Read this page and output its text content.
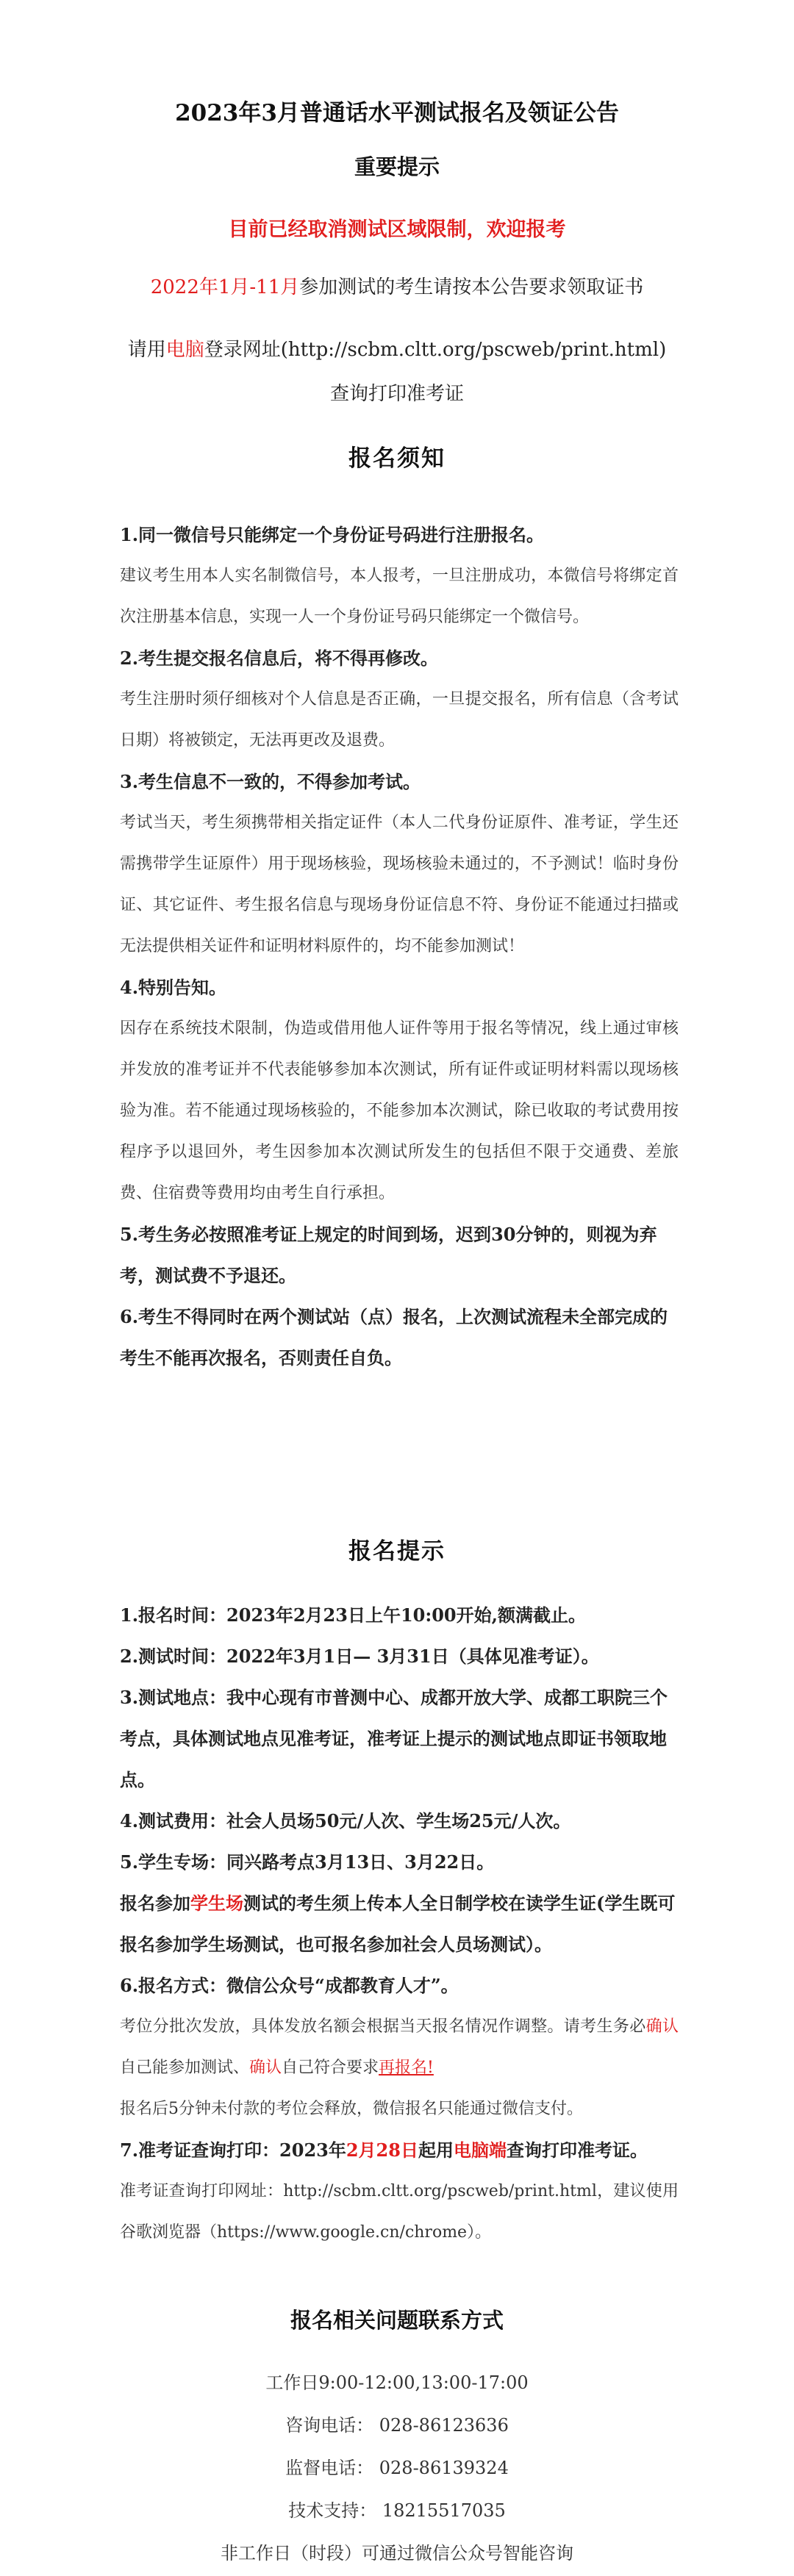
2023年3月普通话水平测试报名及领证公告
重要提示
目前已经取消测试区域限制，欢迎报考
2022年1月-11月参加测试的考生请按本公告要求领取证书
请用电脑登录网址(http://scbm.cltt.org/pscweb/print.html)
查询打印准考证
报名须知
1.同一微信号只能绑定一个身份证号码进行注册报名。
建议考生用本人实名制微信号，本人报考，一旦注册成功，本微信号将绑定首次注册基本信息，实现一人一个身份证号码只能绑定一个微信号。
2.考生提交报名信息后，将不得再修改。
考生注册时须仔细核对个人信息是否正确，一旦提交报名，所有信息（含考试日期）将被锁定，无法再更改及退费。
3.考生信息不一致的，不得参加考试。
考试当天，考生须携带相关指定证件（本人二代身份证原件、准考证，学生还需携带学生证原件）用于现场核验，现场核验未通过的，不予测试！临时身份证、其它证件、考生报名信息与现场身份证信息不符、身份证不能通过扫描或无法提供相关证件和证明材料原件的，均不能参加测试！
4.特别告知。
因存在系统技术限制，伪造或借用他人证件等用于报名等情况，线上通过审核并发放的准考证并不代表能够参加本次测试，所有证件或证明材料需以现场核验为准。若不能通过现场核验的，不能参加本次测试，除已收取的考试费用按程序予以退回外，考生因参加本次测试所发生的包括但不限于交通费、差旅费、住宿费等费用均由考生自行承担。
5.考生务必按照准考证上规定的时间到场，迟到30分钟的，则视为弃考，测试费不予退还。
6.考生不得同时在两个测试站（点）报名，上次测试流程未全部完成的考生不能再次报名，否则责任自负。
报名提示
1.报名时间：2023年2月23日上午10:00开始,额满截止。
2.测试时间：2022年3月1日— 3月31日（具体见准考证）。
3.测试地点：我中心现有市普测中心、成都开放大学、成都工职院三个考点，具体测试地点见准考证，准考证上提示的测试地点即证书领取地点。
4.测试费用：社会人员场50元/人次、学生场25元/人次。
5.学生专场：同兴路考点3月13日、3月22日。
报名参加学生场测试的考生须上传本人全日制学校在读学生证(学生既可报名参加学生场测试，也可报名参加社会人员场测试）。
6.报名方式：微信公众号“成都教育人才”。
考位分批次发放，具体发放名额会根据当天报名情况作调整。请考生务必确认自己能参加测试、确认自己符合要求再报名!
报名后5分钟未付款的考位会释放，微信报名只能通过微信支付。
7.准考证查询打印：2023年2月28日起用电脑端查询打印准考证。
准考证查询打印网址：http://scbm.cltt.org/pscweb/print.html，建议使用谷歌浏览器（https://www.google.cn/chrome）。
报名相关问题联系方式
工作日9:00-12:00,13:00-17:00
咨询电话： 028-86123636
监督电话： 028-86139324
技术支持： 18215517035
非工作日（时段）可通过微信公众号智能咨询
